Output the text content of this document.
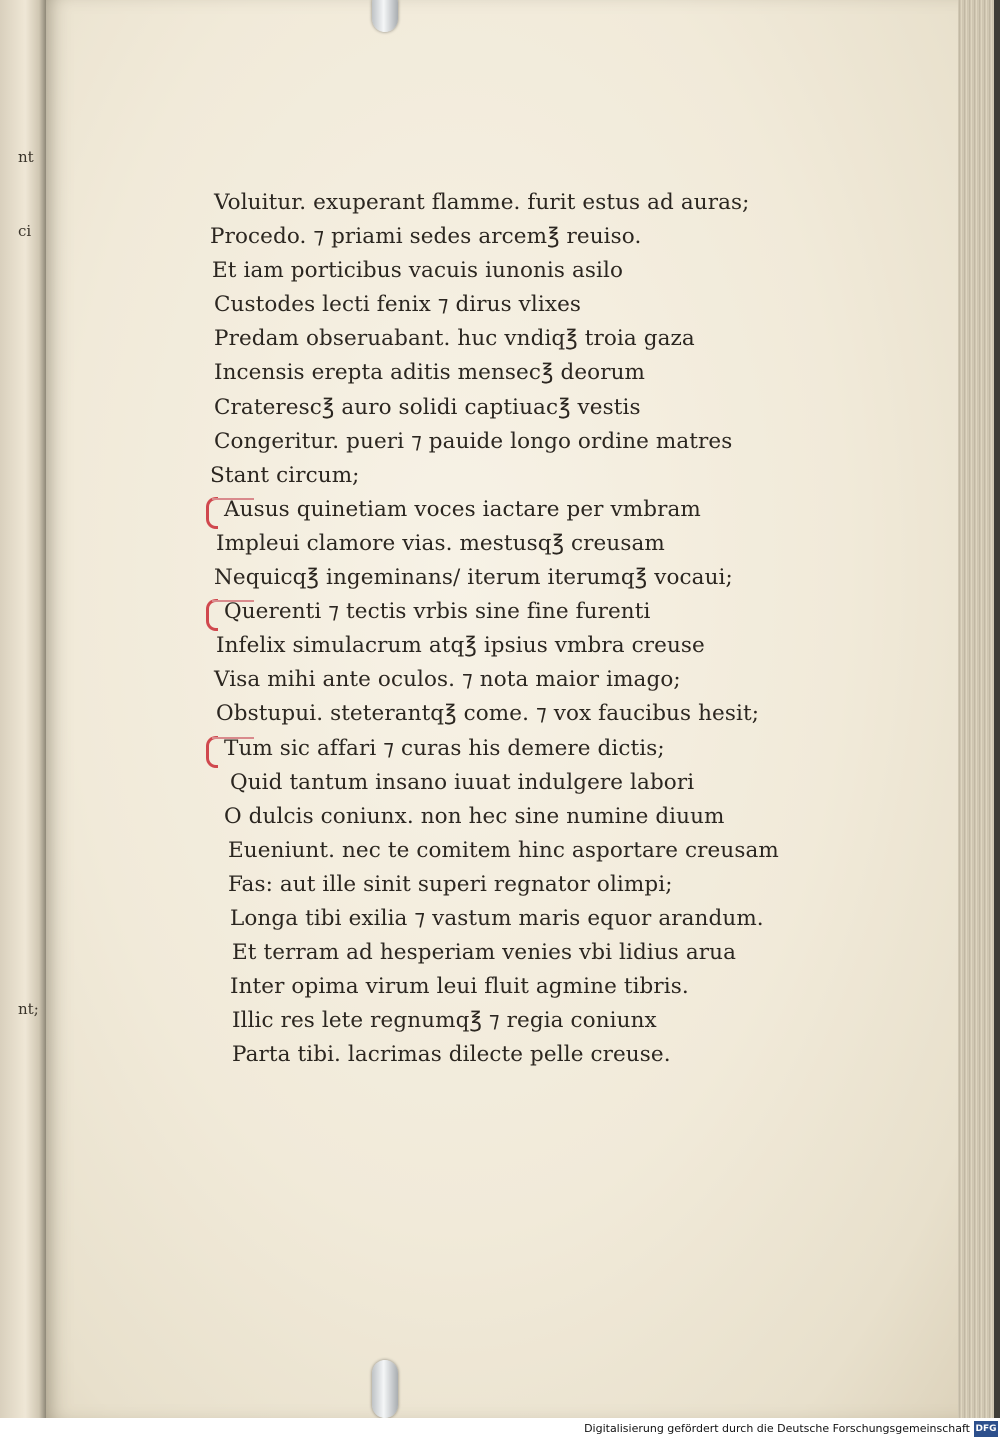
nt
ci
nt;
Voluitur. exuperant flamme. furit estus ad auras;
Procedo. ⁊ priami sedes arcem℥ reuiso.
Et iam porticibus vacuis iunonis asilo
Custodes lecti fenix ⁊ dirus vlixes
Predam obseruabant. huc vndiq℥ troia gaza
Incensis erepta aditis mensec℥ deorum
Crateresc℥ auro solidi captiuac℥ vestis
Congeritur. pueri ⁊ pauide longo ordine matres
Stant circum;
Ausus quinetiam voces iactare per vmbram
Impleui clamore vias. mestusq℥ creusam
Nequicq℥ ingeminans/ iterum iterumq℥ vocaui;
Querenti ⁊ tectis vrbis sine fine furenti
Infelix simulacrum atq℥ ipsius vmbra creuse
Visa mihi ante oculos. ⁊ nota maior imago;
Obstupui. steterantq℥ come. ⁊ vox faucibus hesit;
Tum sic affari ⁊ curas his demere dictis;
Quid tantum insano iuuat indulgere labori
O dulcis coniunx. non hec sine numine diuum
Eueniunt. nec te comitem hinc asportare creusam
Fas: aut ille sinit superi regnator olimpi;
Longa tibi exilia ⁊ vastum maris equor arandum.
Et terram ad hesperiam venies vbi lidius arua
Inter opima virum leui fluit agmine tibris.
Illic res lete regnumq℥ ⁊ regia coniunx
Parta tibi. lacrimas dilecte pelle creuse.
Digitalisierung gefördert durch die Deutsche Forschungsgemeinschaft DFG
